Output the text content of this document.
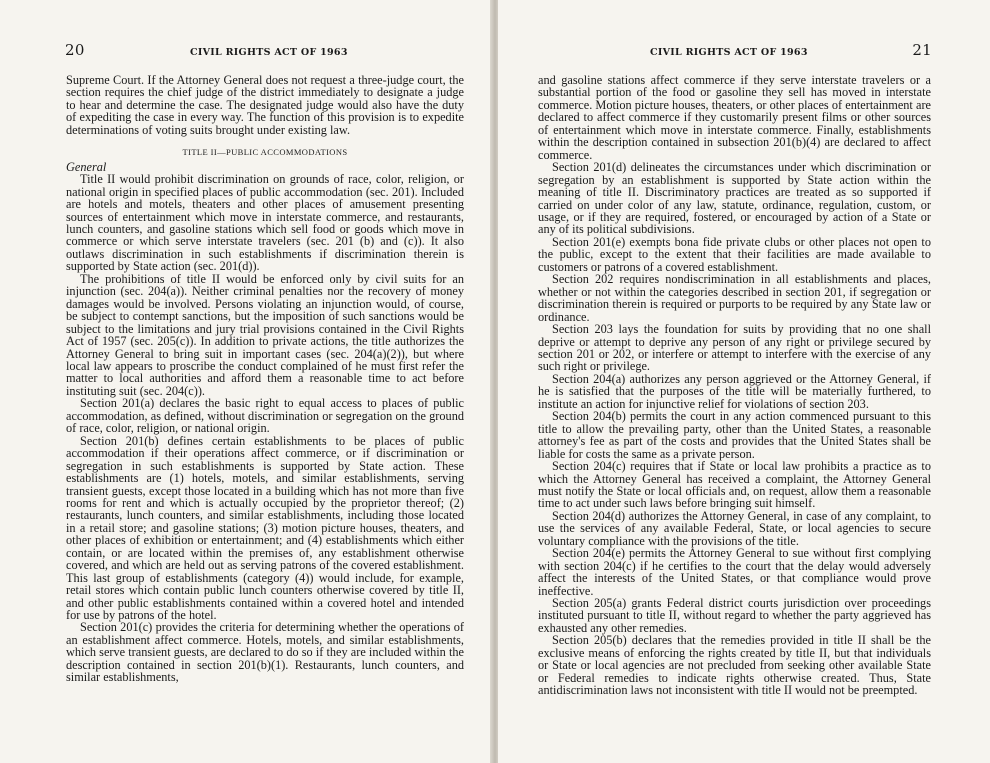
20	CIVIL RIGHTS ACT OF 1963

Supreme Court. If the Attorney General does not request a three-judge court, the section requires the chief judge of the district immediately to designate a judge to hear and determine the case. The designated judge would also have the duty of expediting the case in every way. The function of this provision is to expedite determinations of voting suits brought under existing law.

TITLE II—PUBLIC ACCOMMODATIONS

General

Title II would prohibit discrimination on grounds of race, color, religion, or national origin in specified places of public accommodation (sec. 201). Included are hotels and motels, theaters and other places of amusement presenting sources of entertainment which move in interstate commerce, and restaurants, lunch counters, and gasoline stations which sell food or goods which move in commerce or which serve interstate travelers (sec. 201 (b) and (c)). It also outlaws discrimination in such establishments if discrimination therein is supported by State action (sec. 201(d)).

The prohibitions of title II would be enforced only by civil suits for an injunction (sec. 204(a)). Neither criminal penalties nor the recovery of money damages would be involved. Persons violating an injunction would, of course, be subject to contempt sanctions, but the imposition of such sanctions would be subject to the limitations and jury trial provisions contained in the Civil Rights Act of 1957 (sec. 205(c)). In addition to private actions, the title authorizes the Attorney General to bring suit in important cases (sec. 204(a)(2)), but where local law appears to proscribe the conduct complained of he must first refer the matter to local authorities and afford them a reasonable time to act before instituting suit (sec. 204(c)).

Section 201(a) declares the basic right to equal access to places of public accommodation, as defined, without discrimination or segregation on the ground of race, color, religion, or national origin.

Section 201(b) defines certain establishments to be places of public accommodation if their operations affect commerce, or if discrimination or segregation in such establishments is supported by State action. These establishments are (1) hotels, motels, and similar establishments, serving transient guests, except those located in a building which has not more than five rooms for rent and which is actually occupied by the proprietor thereof; (2) restaurants, lunch counters, and similar establishments, including those located in a retail store; and gasoline stations; (3) motion picture houses, theaters, and other places of exhibition or entertainment; and (4) establishments which either contain, or are located within the premises of, any establishment otherwise covered, and which are held out as serving patrons of the covered establishment. This last group of establishments (category (4)) would include, for example, retail stores which contain public lunch counters otherwise covered by title II, and other public establishments contained within a covered hotel and intended for use by patrons of the hotel.

Section 201(c) provides the criteria for determining whether the operations of an establishment affect commerce. Hotels, motels, and similar establishments, which serve transient guests, are declared to do so if they are included within the description contained in section 201(b)(1). Restaurants, lunch counters, and similar establishments,

CIVIL RIGHTS ACT OF 1963	21

and gasoline stations affect commerce if they serve interstate travelers or a substantial portion of the food or gasoline they sell has moved in interstate commerce. Motion picture houses, theaters, or other places of entertainment are declared to affect commerce if they customarily present films or other sources of entertainment which move in interstate commerce. Finally, establishments within the description contained in subsection 201(b)(4) are declared to affect commerce.

Section 201(d) delineates the circumstances under which discrimination or segregation by an establishment is supported by State action within the meaning of title II. Discriminatory practices are treated as so supported if carried on under color of any law, statute, ordinance, regulation, custom, or usage, or if they are required, fostered, or encouraged by action of a State or any of its political subdivisions.

Section 201(e) exempts bona fide private clubs or other places not open to the public, except to the extent that their facilities are made available to customers or patrons of a covered establishment.

Section 202 requires nondiscrimination in all establishments and places, whether or not within the categories described in section 201, if segregation or discrimination therein is required or purports to be required by any State law or ordinance.

Section 203 lays the foundation for suits by providing that no one shall deprive or attempt to deprive any person of any right or privilege secured by section 201 or 202, or interfere or attempt to interfere with the exercise of any such right or privilege.

Section 204(a) authorizes any person aggrieved or the Attorney General, if he is satisfied that the purposes of the title will be materially furthered, to institute an action for injunctive relief for violations of section 203.

Section 204(b) permits the court in any action commenced pursuant to this title to allow the prevailing party, other than the United States, a reasonable attorney's fee as part of the costs and provides that the United States shall be liable for costs the same as a private person.

Section 204(c) requires that if State or local law prohibits a practice as to which the Attorney General has received a complaint, the Attorney General must notify the State or local officials and, on request, allow them a reasonable time to act under such laws before bringing suit himself.

Section 204(d) authorizes the Attorney General, in case of any complaint, to use the services of any available Federal, State, or local agencies to secure voluntary compliance with the provisions of the title.

Section 204(e) permits the Attorney General to sue without first complying with section 204(c) if he certifies to the court that the delay would adversely affect the interests of the United States, or that compliance would prove ineffective.

Section 205(a) grants Federal district courts jurisdiction over proceedings instituted pursuant to title II, without regard to whether the party aggrieved has exhausted any other remedies.

Section 205(b) declares that the remedies provided in title II shall be the exclusive means of enforcing the rights created by title II, but that individuals or State or local agencies are not precluded from seeking other available State or Federal remedies to indicate rights otherwise created. Thus, State antidiscrimination laws not inconsistent with title II would not be preempted.
